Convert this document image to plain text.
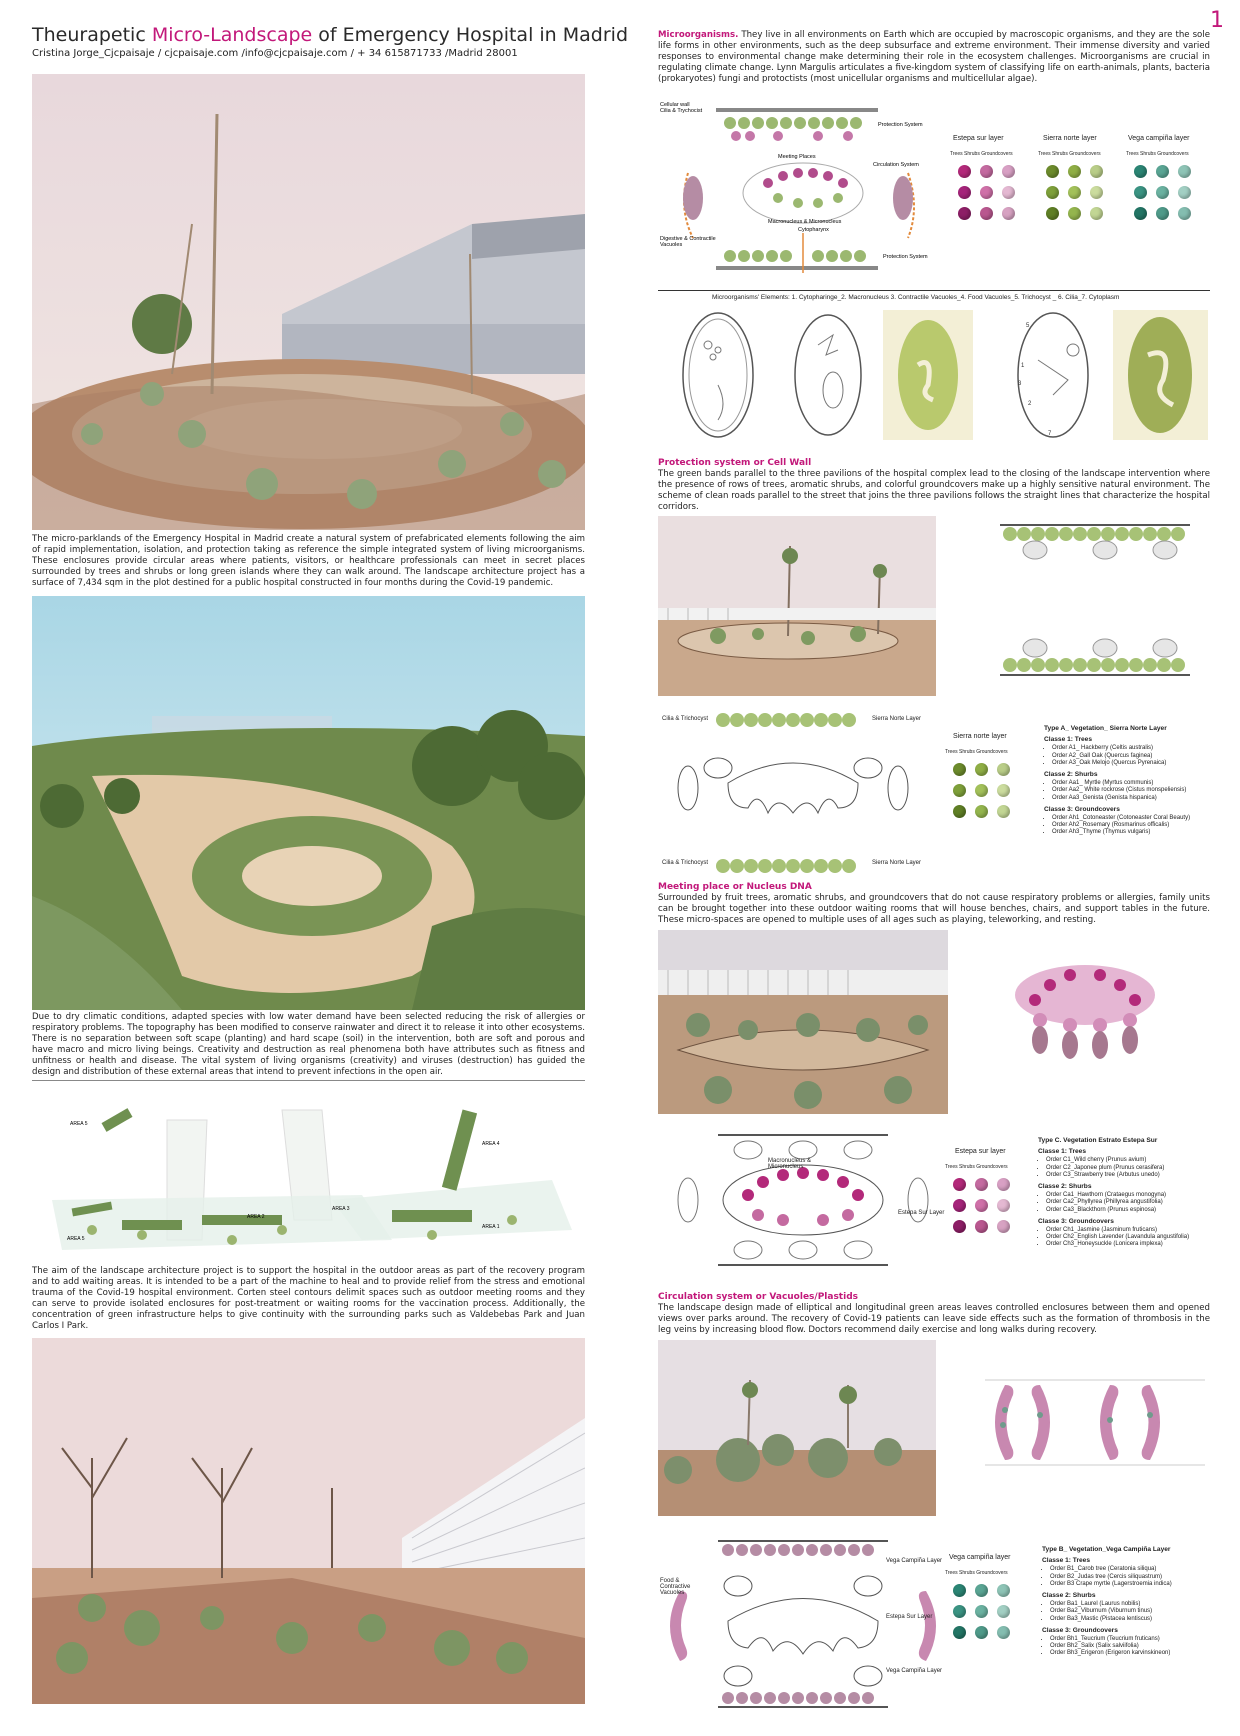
1
Theurapetic Micro-Landscape of Emergency Hospital in Madrid
Cristina Jorge_Cjcpaisaje / cjcpaisaje.com /info@cjcpaisaje.com / + 34 615871733 /Madrid 28001
The micro-parklands of the Emergency Hospital in Madrid create a natural system of prefabricated elements following the aim of rapid implementation, isolation, and protection taking as reference the simple integrated system of living microorganisms. These enclosures provide circular areas where patients, visitors, or healthcare professionals can meet in secret places surrounded by trees and shrubs or long green islands where they can walk around. The landscape architecture project has a surface of 7,434 sqm in the plot destined for a public hospital constructed in four months during the Covid-19 pandemic.
Due to dry climatic conditions, adapted species with low water demand have been selected reducing the risk of allergies or respiratory problems. The topography has been modified to conserve rainwater and direct it to release it into other ecosystems. There is no separation between soft scape (planting) and hard scape (soil) in the intervention, both are soft and porous and have macro and micro living beings. Creativity and destruction as real phenomena both have attributes such as fitness and unfitness or health and disease. The vital system of living organisms (creativity) and viruses (destruction) has guided the design and distribution of these external areas that intend to prevent infections in the open air.
AREA 5
AREA 4
AREA 3
AREA 2
AREA 1
AREA 5
The aim of the landscape architecture project is to support the hospital in the outdoor areas as part of the recovery program and to add waiting areas. It is intended to be a part of the machine to heal and to provide relief from the stress and emotional trauma of the Covid-19 hospital environment. Corten steel contours delimit spaces such as outdoor meeting rooms and they can serve to provide isolated enclosures for post-treatment or waiting rooms for the vaccination process. Additionally, the concentration of green infrastructure helps to give continuity with the surrounding parks such as Valdebebas Park and Juan Carlos I Park.
Microorganisms. They live in all environments on Earth which are occupied by macroscopic organisms, and they are the sole life forms in other environments, such as the deep subsurface and extreme environment. Their immense diversity and varied responses to environmental change make determining their role in the ecosystem challenges. Microorganisms are crucial in regulating climate change. Lynn Margulis articulates a five-kingdom system of classifying life on earth-animals, plants, bacteria (prokaryotes) fungi and protoctists (most unicellular organisms and multicellular algae).
Cellular wall
Cilia & Trychocist
Protection System
Meeting Places
Circulation System
Macronucleus & Micronucleus
Cytopharynx
Digestive & Contractile
Vacuoles
Protection System
Estepa sur layer
Trees Shrubs Groundcovers
Sierra norte layer
Trees Shrubs Groundcovers
Vega campiña layer
Trees Shrubs Groundcovers
Microorganisms' Elements: 1. Cytopharinge_2. Macronucleus 3. Contractile Vacuoles_4. Food Vacuoles_5. Trichocyst _ 6. Cilia_7. Cytoplasm
5
1
3
2
7
Protection system or Cell Wall
The green bands parallel to the three pavilions of the hospital complex lead to the closing of the landscape intervention where the presence of rows of trees, aromatic shrubs, and colorful groundcovers make up a highly sensitive natural environment. The scheme of clean roads parallel to the street that joins the three pavilions follows the straight lines that characterize the hospital corridors.
Cilia & Trichocyst	Sierra Norte Layer
Cilia & Trichocyst	Sierra Norte Layer
Sierra norte layer
Trees Shrubs Groundcovers
Type A_ Vegetation_ Sierra Norte Layer
Classe 1: Trees
• Order A1_ Hackberry (Celtis australis)
• Order A2_Gall Oak (Quercus faginea)
• Order A3_Oak Melojo (Quercus Pyrenaica)
Classe 2: Shurbs
• Order Aa1_ Myrtle (Myrtus communis)
• Order Aa2_ White rockrose (Cistus monspeliensis)
• Order Aa3_Genista (Genista hispanica)
Classe 3: Groundcovers
• Order Ah1_Cotoneaster (Cotoneaster Coral Beauty)
• Order Ah2_Rosemary (Rosmarinus officalis)
• Order Ah3_Thyme (Thymus vulgaris)
Meeting place or Nucleus DNA
Surrounded by fruit trees, aromatic shrubs, and groundcovers that do not cause respiratory problems or allergies, family units can be brought together into these outdoor waiting rooms that will house benches, chairs, and support tables in the future. These micro-spaces are opened to multiple uses of all ages such as playing, teleworking, and resting.
Macronucleus & Micronucleus
Estepa Sur Layer
Estepa sur layer
Trees Shrubs Groundcovers
Type C. Vegetation Estrato Estepa Sur
Classe 1: Trees
• Order C1_Wild cherry (Prunus avium)
• Order C2_Japonee plum (Prunus cerasifera)
• Order C3_Strawberry tree (Arbutus unedo)
Classe 2: Shurbs
• Order Ca1_Hawthorn (Crataegus monogyna)
• Order Ca2_Phyllyrea (Phillyrea angustifolia)
• Order Ca3_Blackthorn (Prunus espinosa)
Classe 3: Groundcovers
• Order Ch1_Jasmine (Jasminum fruticans)
• Order Ch2_English Lavender (Lavandula angustifolia)
• Order Ch3_Honeysuckle (Lonicera implexa)
Circulation system or Vacuoles/Plastids
The landscape design made of elliptical and longitudinal green areas leaves controlled enclosures between them and opened views over parks around. The recovery of Covid-19 patients can leave side effects such as the formation of thrombosis in the leg veins by increasing blood flow. Doctors recommend daily exercise and long walks during recovery.
Food & Contractive Vacuoles
Vega Campiña Layer
Estepa Sur Layer
Vega Campiña Layer
Vega campiña layer
Trees Shrubs Groundcovers
Type B_ Vegetation_Vega Campiña Layer
Classe 1: Trees
• Order B1_Carob tree (Ceratonia siliqua)
• Order B2_Judas tree (Cercis siliquastrum)
• Order B3 Crape myrtle (Lagerstroemia indica)
Classe 2: Shurbs
• Order Ba1_Laurel (Laurus nobilis)
• Order Ba2_Viburnum (Viburnum tinus)
• Order Ba3_Mastic (Pistacea lentiscus)
Classe 3: Groundcovers
• Order Bh1_Teucrium (Teucrium fruticans)
• Order Bh2_Salix (Salix salviifolia)
• Order Bh3_Erigeron (Erigeron karvinskineon)
